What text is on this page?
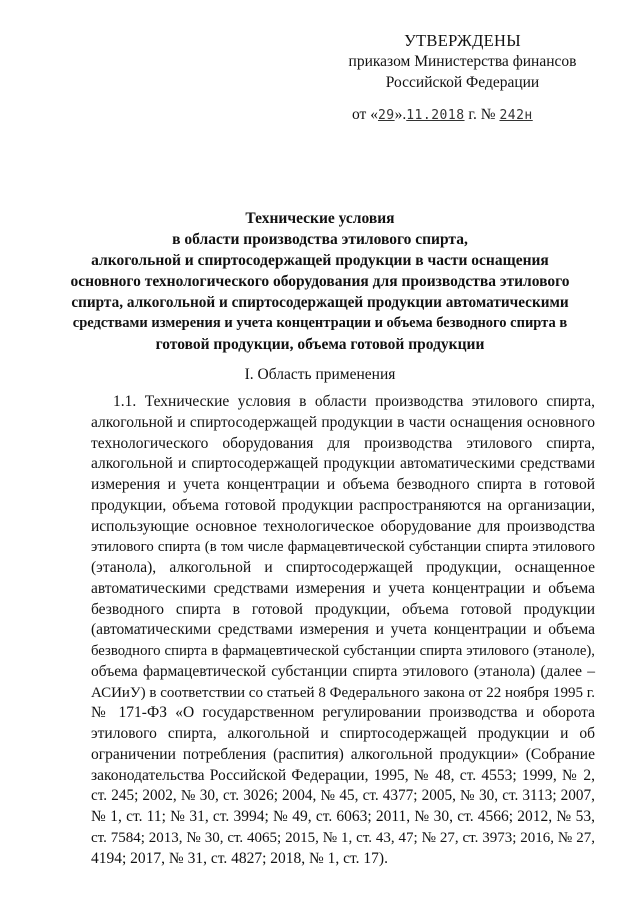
УТВЕРЖДЕНЫ
приказом Министерства финансов
Российской Федерации
от «29».11.2018 г. № 242н
Технические условия
в области производства этилового спирта,
алкогольной и спиртосодержащей продукции в части оснащения
основного технологического оборудования для производства этилового
спирта, алкогольной и спиртосодержащей продукции автоматическими
средствами измерения и учета концентрации и объема безводного спирта в
готовой продукции, объема готовой продукции
I. Область применения
1.1. Технические условия в области производства этилового спирта,
алкогольной и спиртосодержащей продукции в части оснащения основного
технологического оборудования для производства этилового спирта,
алкогольной и спиртосодержащей продукции автоматическими средствами
измерения и учета концентрации и объема безводного спирта в готовой
продукции, объема готовой продукции распространяются на организации,
использующие основное технологическое оборудование для производства
этилового спирта (в том числе фармацевтической субстанции спирта этилового
(этанола), алкогольной и спиртосодержащей продукции, оснащенное
автоматическими средствами измерения и учета концентрации и объема
безводного спирта в готовой продукции, объема готовой продукции
(автоматическими средствами измерения и учета концентрации и объема
безводного спирта в фармацевтической субстанции спирта этилового (этаноле),
объема фармацевтической субстанции спирта этилового (этанола) (далее –
АСИиУ) в соответствии со статьей 8 Федерального закона от 22 ноября 1995 г.
№ 171-ФЗ «О государственном регулировании производства и оборота
этилового спирта, алкогольной и спиртосодержащей продукции и об
ограничении потребления (распития) алкогольной продукции» (Собрание
законодательства Российской Федерации, 1995, № 48, ст. 4553; 1999, № 2,
ст. 245; 2002, № 30, ст. 3026; 2004, № 45, ст. 4377; 2005, № 30, ст. 3113; 2007,
№ 1, ст. 11; № 31, ст. 3994; № 49, ст. 6063; 2011, № 30, ст. 4566; 2012, № 53,
ст. 7584; 2013, № 30, ст. 4065; 2015, № 1, ст. 43, 47; № 27, ст. 3973; 2016, № 27,
4194; 2017, № 31, ст. 4827; 2018, № 1, ст. 17).
